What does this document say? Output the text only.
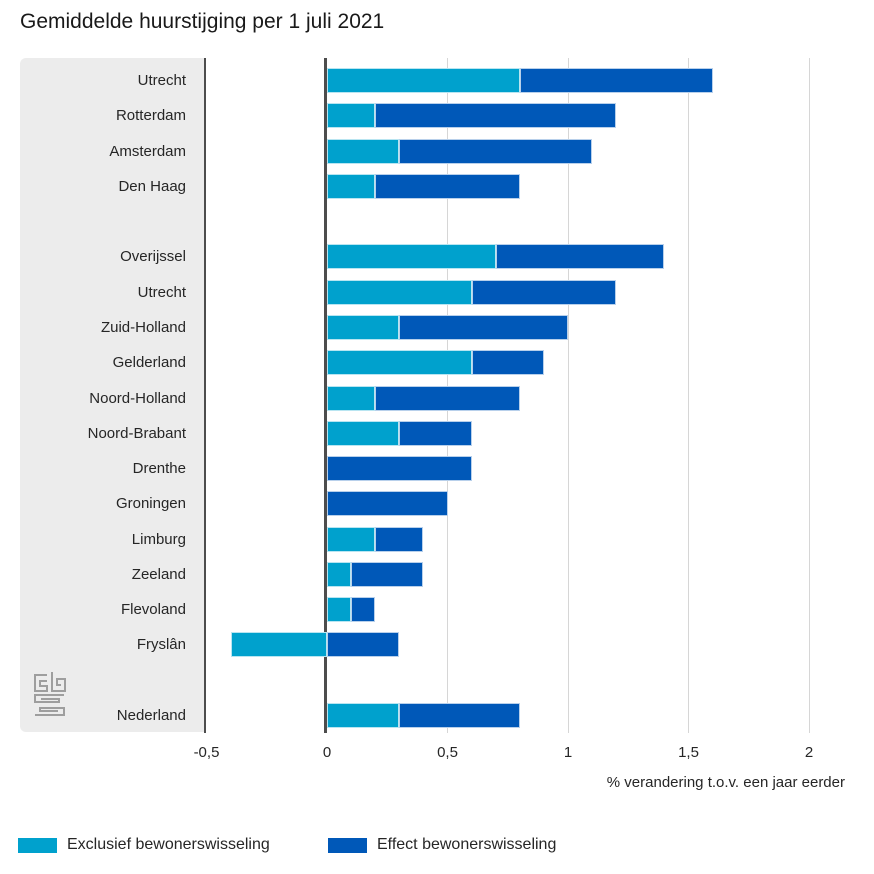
Gemiddelde huurstijging per 1 juli 2021
-0,5	0	0,5	1	1,5	2
Utrecht
Rotterdam
Amsterdam
Den Haag
Overijssel
Utrecht
Zuid-Holland
Gelderland
Noord-Holland
Noord-Brabant
Drenthe
Groningen
Limburg
Zeeland
Flevoland
Fryslân
Nederland
% verandering t.o.v. een jaar eerder
Exclusief bewonerswisseling	Effect bewonerswisseling
